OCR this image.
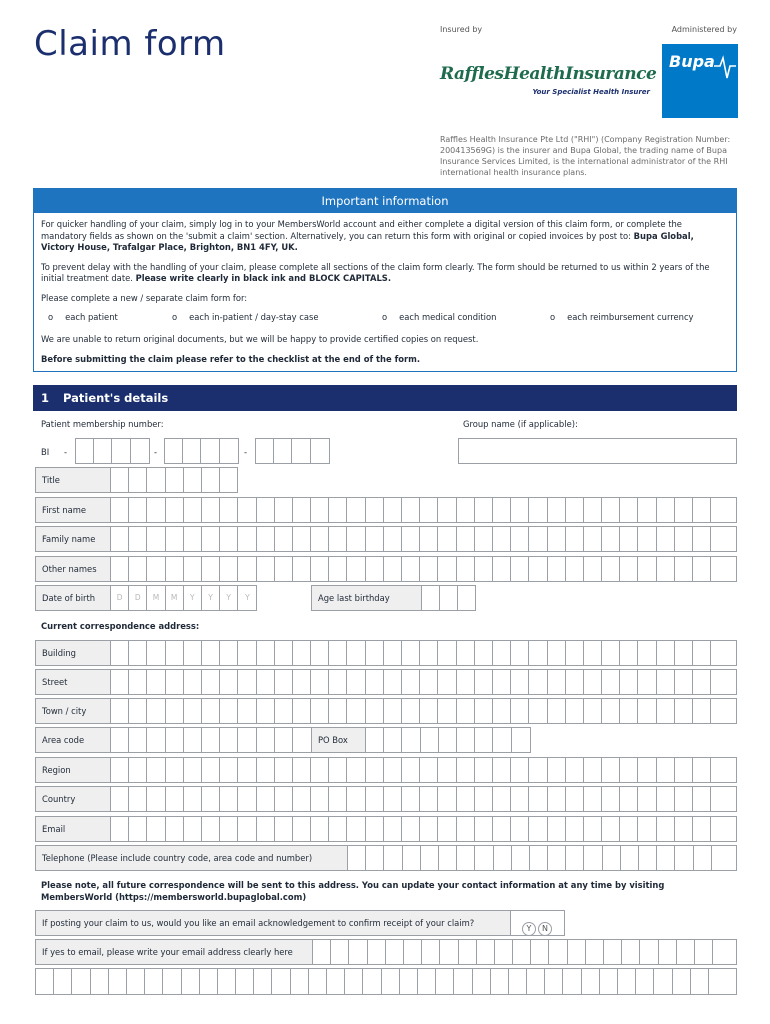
Claim form	Insured by	Administered by
RafflesHealthInsurance
Your Specialist Health Insurer
Bupa
Raffles Health Insurance Pte Ltd ("RHI") (Company Registration Number: 200413569G) is the insurer and Bupa Global, the trading name of Bupa Insurance Services Limited, is the international administrator of the RHI international health insurance plans.
Important information

For quicker handling of your claim, simply log in to your MembersWorld account and either complete a digital version of this claim form, or complete the mandatory fields as shown on the 'submit a claim' section. Alternatively, you can return this form with original or copied invoices by post to: Bupa Global, Victory House, Trafalgar Place, Brighton, BN1 4FY, UK.

To prevent delay with the handling of your claim, please complete all sections of the claim form clearly. The form should be returned to us within 2 years of the initial treatment date. Please write clearly in black ink and BLOCK CAPITALS.

Please complete a new / separate claim form for:

o each patient	o each in-patient / day-stay case	o each medical condition	o each reimbursement currency

We are unable to return original documents, but we will be happy to provide certified copies on request.

Before submitting the claim please refer to the checklist at the end of the form.

1 Patient's details
Patient membership number:	Group name (if applicable):
BI -	-	-
Title
First name
Family name
Other names
Date of birth	D	D	M	M	Y	Y	Y	Y	Age last birthday
Current correspondence address:
Building
Street
Town / city
Area code	PO Box
Region
Country
Email
Telephone (Please include country code, area code and number)
Please note, all future correspondence will be sent to this address. You can update your contact information at any time by visiting MembersWorld (https://membersworld.bupaglobal.com)
If posting your claim to us, would you like an email acknowledgement to confirm receipt of your claim?
Y N
If yes to email, please write your email address clearly here
